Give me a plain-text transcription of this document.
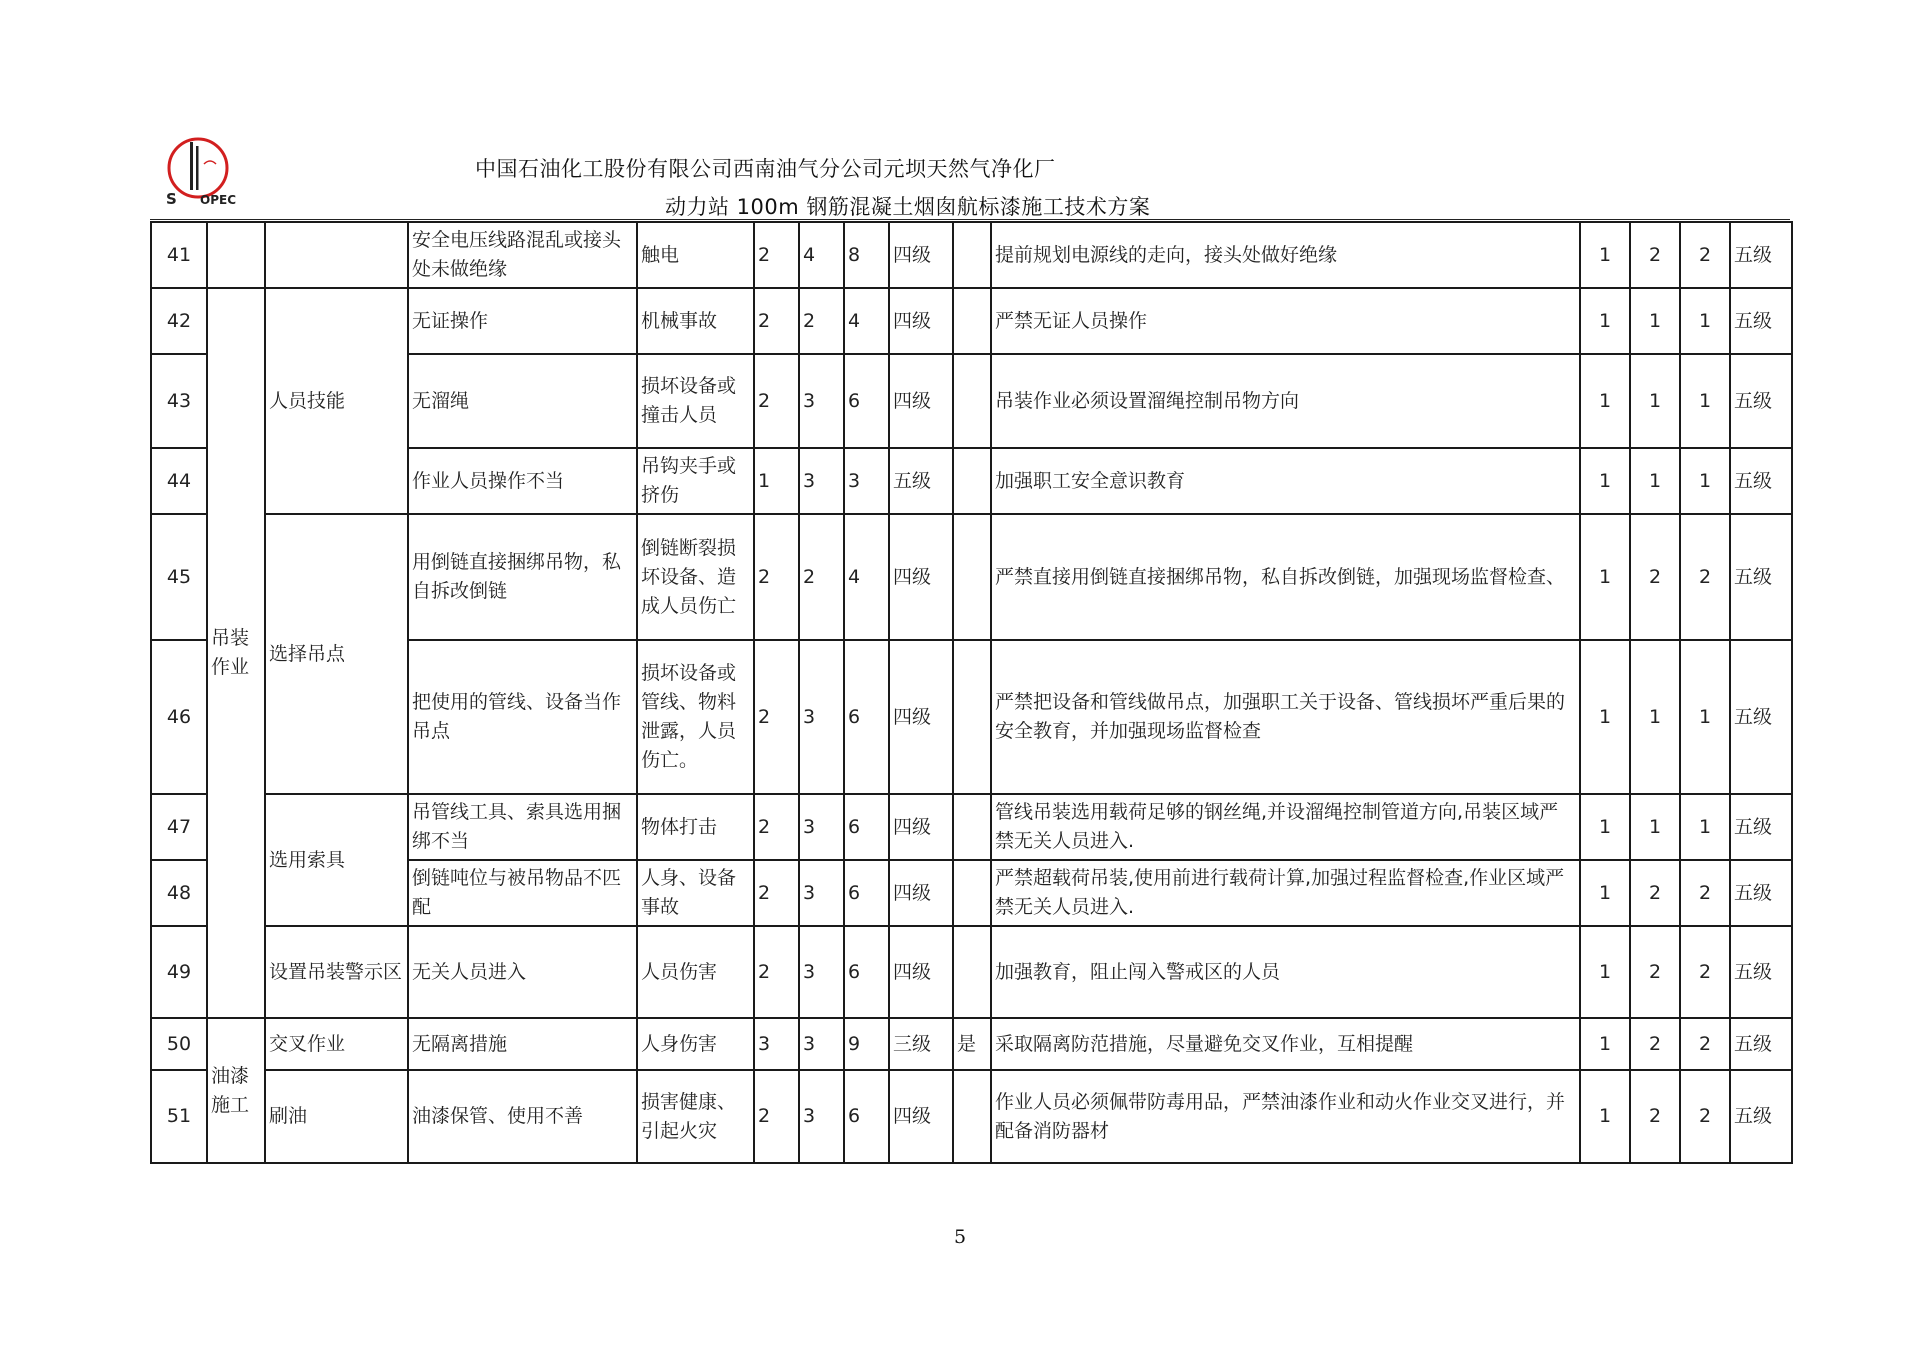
S OPEC
中国石油化工股份有限公司西南油气分公司元坝天然气净化厂
动力站 100m 钢筋混凝土烟囱航标漆施工技术方案
41			安全电压线路混乱或接头处未做绝缘	触电	2	4	8	四级		提前规划电源线的走向，接头处做好绝缘	1	2	2	五级
42	吊装作业	人员技能	无证操作	机械事故	2	2	4	四级		严禁无证人员操作	1	1	1	五级
43			无溜绳	损坏设备或撞击人员	2	3	6	四级		吊装作业必须设置溜绳控制吊物方向	1	1	1	五级
44			作业人员操作不当	吊钩夹手或挤伤	1	3	3	五级		加强职工安全意识教育	1	1	1	五级
45		选择吊点	用倒链直接捆绑吊物，私自拆改倒链	倒链断裂损坏设备、造成人员伤亡	2	2	4	四级		严禁直接用倒链直接捆绑吊物，私自拆改倒链，加强现场监督检查、	1	2	2	五级
46			把使用的管线、设备当作吊点	损坏设备或管线、物料泄露，人员伤亡。	2	3	6	四级		严禁把设备和管线做吊点，加强职工关于设备、管线损坏严重后果的安全教育，并加强现场监督检查	1	1	1	五级
47		选用索具	吊管线工具、索具选用捆绑不当	物体打击	2	3	6	四级		管线吊装选用载荷足够的钢丝绳,并设溜绳控制管道方向,吊装区域严禁无关人员进入.	1	1	1	五级
48			倒链吨位与被吊物品不匹配	人身、设备事故	2	3	6	四级		严禁超载荷吊装,使用前进行载荷计算,加强过程监督检查,作业区域严禁无关人员进入.	1	2	2	五级
49		设置吊装警示区	无关人员进入	人员伤害	2	3	6	四级		加强教育，阻止闯入警戒区的人员	1	2	2	五级
50	油漆施工	交叉作业	无隔离措施	人身伤害	3	3	9	三级	是	采取隔离防范措施，尽量避免交叉作业，互相提醒	1	2	2	五级
51		刷油	油漆保管、使用不善	损害健康、引起火灾	2	3	6	四级		作业人员必须佩带防毒用品，严禁油漆作业和动火作业交叉进行，并配备消防器材	1	2	2	五级
5
